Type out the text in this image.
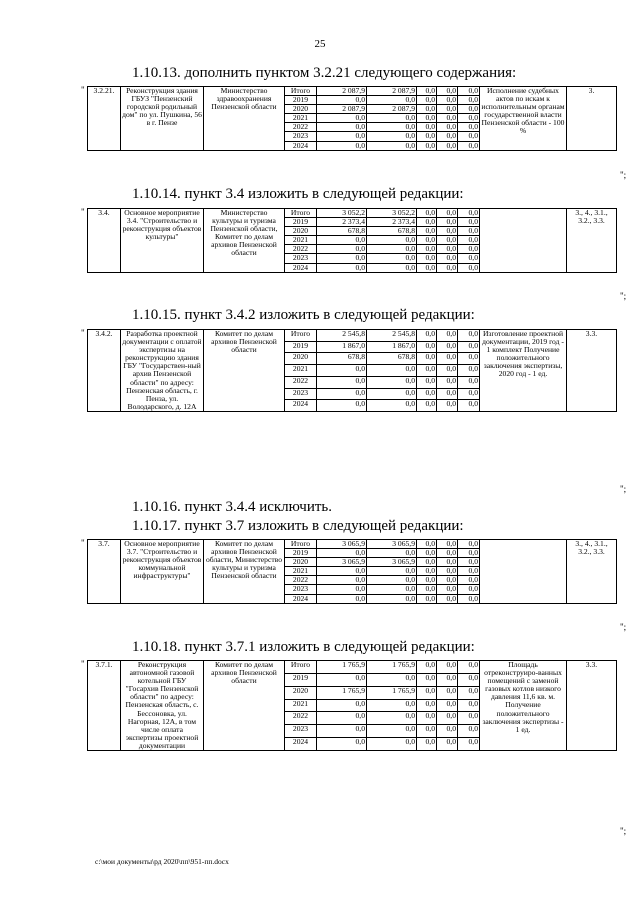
25
1.10.13. дополнить пунктом 3.2.21 следующего содержания:
" 3.2.21.	Реконструкция здания ГБУЗ "Пензенский городской родильный дом" по ул. Пушкина, 56 в г. Пензе	Министерство здравоохранения Пензенской области	Итого	2 087,9	2 087,9	0,0	0,0	0,0	Исполнение судебных актов по искам к исполнительным органам государственной власти Пензенской области - 100 %	3.
			2019	0,0	0,0	0,0	0,0	0,0		
			2020	2 087,9	2 087,9	0,0	0,0	0,0		
			2021	0,0	0,0	0,0	0,0	0,0		
			2022	0,0	0,0	0,0	0,0	0,0		
			2023	0,0	0,0	0,0	0,0	0,0		
			2024	0,0	0,0	0,0	0,0	0,0		
1.10.14. пункт 3.4 изложить в следующей редакции:
" 3.4.	Основное мероприятие 3.4. "Строительство и реконструкция объектов культуры"	Министерство культуры и туризма Пензенской области, Комитет по делам архивов Пензенской области	Итого	3 052,2	3 052,2	0,0	0,0	0,0		3., 4., 3.1., 3.2., 3.3.
			2019	2 373,4	2 373,4	0,0	0,0	0,0		
			2020	678,8	678,8	0,0	0,0	0,0		
			2021	0,0	0,0	0,0	0,0	0,0		
			2022	0,0	0,0	0,0	0,0	0,0		
			2023	0,0	0,0	0,0	0,0	0,0		
			2024	0,0	0,0	0,0	0,0	0,0		
1.10.15. пункт 3.4.2 изложить в следующей редакции:
" 3.4.2.	Разработка проектной документации с оплатой экспертизы на реконструкцию здания ГБУ "Государствен-ный архив Пензенской области" по адресу: Пензенская область, г. Пенза, ул. Володарского, д. 12А	Комитет по делам архивов Пензенской области	Итого	2 545,8	2 545,8	0,0	0,0	0,0	Изготовление проектной документации, 2019 год - 1 комплект Получение положительного заключения экспертизы, 2020 год - 1 ед.	3.3.
			2019	1 867,0	1 867,0	0,0	0,0	0,0		
			2020	678,8	678,8	0,0	0,0	0,0		
			2021	0,0	0,0	0,0	0,0	0,0		
			2022	0,0	0,0	0,0	0,0	0,0		
			2023	0,0	0,0	0,0	0,0	0,0		
			2024	0,0	0,0	0,0	0,0	0,0		
1.10.16. пункт 3.4.4 исключить.
1.10.17. пункт 3.7 изложить в следующей редакции:
" 3.7.	Основное мероприятие 3.7. "Строительство и реконструкция объектов коммунальной инфраструктуры"	Комитет по делам архивов Пензенской области, Министерство культуры и туризма Пензенской области	Итого	3 065,9	3 065,9	0,0	0,0	0,0		3., 4., 3.1., 3.2., 3.3.
			2019	0,0	0,0	0,0	0,0	0,0		
			2020	3 065,9	3 065,9	0,0	0,0	0,0		
			2021	0,0	0,0	0,0	0,0	0,0		
			2022	0,0	0,0	0,0	0,0	0,0		
			2023	0,0	0,0	0,0	0,0	0,0		
			2024	0,0	0,0	0,0	0,0	0,0		
1.10.18. пункт 3.7.1 изложить в следующей редакции:
" 3.7.1.	Реконструкция автономной газовой котельной ГБУ "Госархив Пензенской области" по адресу: Пензенская область, с. Бессоновка, ул. Нагорная, 12А, в том числе оплата экспертизы проектной документации	Комитет по делам архивов Пензенской области	Итого	1 765,9	1 765,9	0,0	0,0	0,0	Площадь отреконструиро-ванных помещений с заменой газовых котлов низкого давления 11,6 кв. м. Получение положительного заключения экспертизы - 1 ед.	3.3.
			2019	0,0	0,0	0,0	0,0	0,0		
			2020	1 765,9	1 765,9	0,0	0,0	0,0		
			2021	0,0	0,0	0,0	0,0	0,0		
			2022	0,0	0,0	0,0	0,0	0,0		
			2023	0,0	0,0	0,0	0,0	0,0		
			2024	0,0	0,0	0,0	0,0	0,0		
";
";
";
";
";
c:\мои документы\рд 2020\пп\951-пп.docx
